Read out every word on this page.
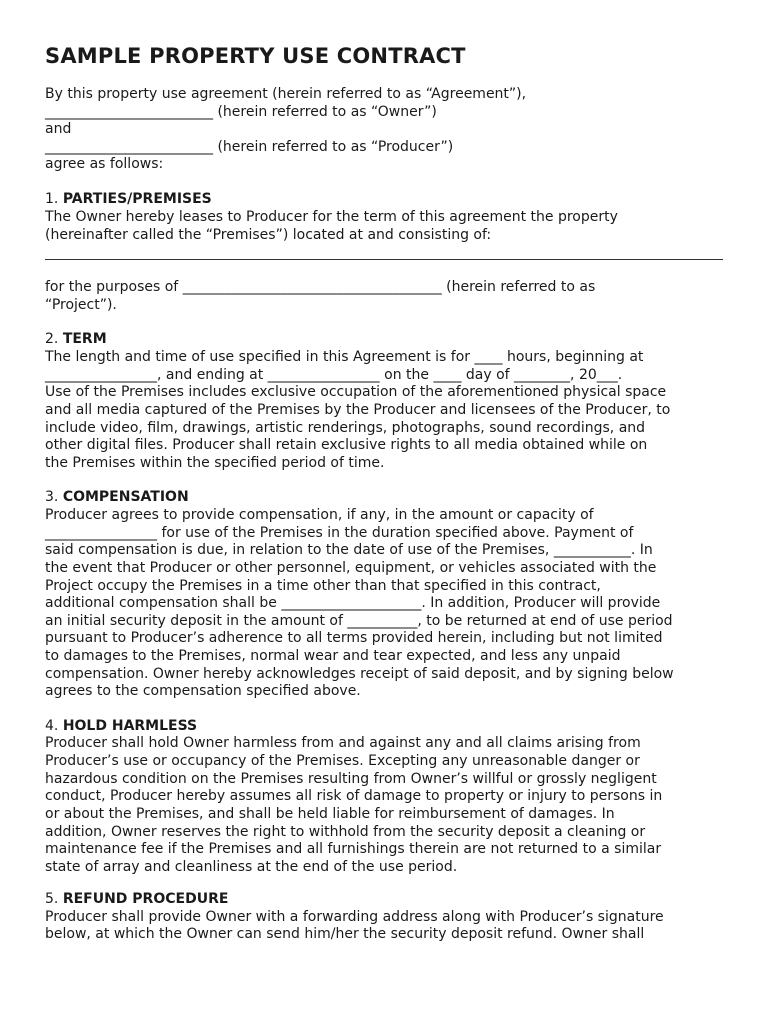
SAMPLE PROPERTY USE CONTRACT
By this property use agreement (herein referred to as “Agreement”),
________________________ (herein referred to as “Owner”)
and
________________________ (herein referred to as “Producer”)
agree as follows:
1. PARTIES/PREMISES
The Owner hereby leases to Producer for the term of this agreement the property
(hereinafter called the “Premises”) located at and consisting of:
for the purposes of _____________________________________ (herein referred to as
“Project”).
2. TERM
The length and time of use specified in this Agreement is for ____ hours, beginning at
________________, and ending at ________________ on the ____ day of ________, 20___.
Use of the Premises includes exclusive occupation of the aforementioned physical space
and all media captured of the Premises by the Producer and licensees of the Producer, to
include video, film, drawings, artistic renderings, photographs, sound recordings, and
other digital files. Producer shall retain exclusive rights to all media obtained while on
the Premises within the specified period of time.
3. COMPENSATION
Producer agrees to provide compensation, if any, in the amount or capacity of
________________ for use of the Premises in the duration specified above. Payment of
said compensation is due, in relation to the date of use of the Premises, ___________. In
the event that Producer or other personnel, equipment, or vehicles associated with the
Project occupy the Premises in a time other than that specified in this contract,
additional compensation shall be ____________________. In addition, Producer will provide
an initial security deposit in the amount of __________, to be returned at end of use period
pursuant to Producer’s adherence to all terms provided herein, including but not limited
to damages to the Premises, normal wear and tear expected, and less any unpaid
compensation. Owner hereby acknowledges receipt of said deposit, and by signing below
agrees to the compensation specified above.
4. HOLD HARMLESS
Producer shall hold Owner harmless from and against any and all claims arising from
Producer’s use or occupancy of the Premises. Excepting any unreasonable danger or
hazardous condition on the Premises resulting from Owner’s willful or grossly negligent
conduct, Producer hereby assumes all risk of damage to property or injury to persons in
or about the Premises, and shall be held liable for reimbursement of damages. In
addition, Owner reserves the right to withhold from the security deposit a cleaning or
maintenance fee if the Premises and all furnishings therein are not returned to a similar
state of array and cleanliness at the end of the use period.
5. REFUND PROCEDURE
Producer shall provide Owner with a forwarding address along with Producer’s signature
below, at which the Owner can send him/her the security deposit refund. Owner shall
